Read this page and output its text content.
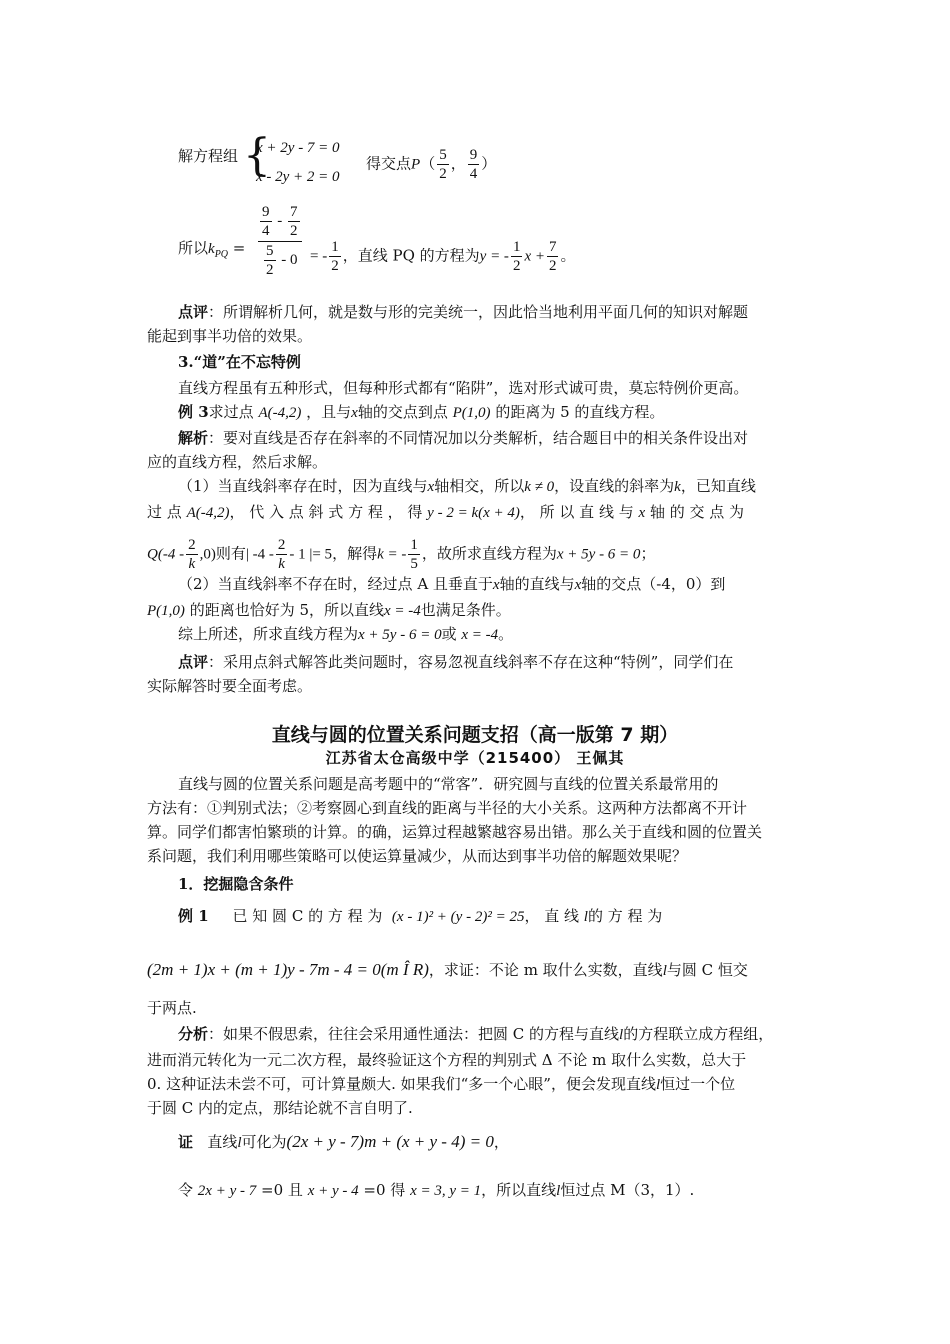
解方程组 {
x + 2y - 7 = 0
x - 2y + 2 = 0
得交点$P( \frac{5}{2}$ ， $\frac{9}{4}$ ）
所以$k_{PQ} = \frac{\frac{9}{4} - \frac{7}{2}}{\frac{5}{2} - 0}$ = - $\frac{1}{2}$ ，直线 PQ 的方程为y = - $\frac{1}{2}$ $x + \frac{7}{2}$ 。
点评：所谓解析几何，就是数与形的完美统一，因此恰当地利用平面几何的知识对解题
能起到事半功倍的效果。
3.“道”在不忘特例
直线方程虽有五种形式，但每种形式都有“陷阱”，选对形式诚可贵，莫忘特例价更高。
例 3求过点 A(-4,2) ，且与x轴的交点到点 P(1,0) 的距离为 5 的直线方程。
解析：要对直线是否存在斜率的不同情况加以分类解析，结合题目中的相关条件设出对
应的直线方程，然后求解。
（1）当直线斜率存在时，因为直线与x轴相交，所以k ≠ 0，设直线的斜率为k，已知直线
过 点 A(-4,2)， 代 入 点 斜 式 方 程 ， 得 y - 2 = k(x + 4)， 所 以 直 线 与 x 轴 的 交 点 为
$Q(-4 - \frac{2}{k} ,0)$则有| $-4 - \frac{2}{k} - 1$ |= 5，解得k = - $\frac{1}{5}$ ，故所求直线方程为x + 5y - 6 = 0；
（2）当直线斜率不存在时，经过点 A 且垂直于x轴的直线与x轴的交点（-4，0）到
P(1,0) 的距离也恰好为 5，所以直线x = -4也满足条件。
综上所述，所求直线方程为x + 5y - 6 = 0或 x = -4。
点评：采用点斜式解答此类问题时，容易忽视直线斜率不存在这种“特例”，同学们在
实际解答时要全面考虑。
直线与圆的位置关系问题支招（高一版第 7 期）
江苏省太仓高级中学（215400） 王佩其
直线与圆的位置关系问题是高考题中的“常客”．研究圆与直线的位置关系最常用的
方法有：①判别式法；②考察圆心到直线的距离与半径的大小关系。这两种方法都离不开计
算。同学们都害怕繁琐的计算。的确，运算过程越繁越容易出错。那么关于直线和圆的位置关
系问题，我们利用哪些策略可以使运算量减少，从而达到事半功倍的解题效果呢？
1．挖掘隐含条件
例 1 已 知 圆 C 的 方 程 为 (x - 1)² + (y - 2)² = 25， 直 线 l的 方 程 为
(2m + 1)x + (m + 1)y - 7m - 4 = 0(m Î R)，求证：不论 m 取什么实数，直线l与圆 C 恒交
于两点.
分析：如果不假思索，往往会采用通性通法：把圆 C 的方程与直线l的方程联立成方程组，
进而消元转化为一元二次方程，最终验证这个方程的判别式 Δ 不论 m 取什么实数，总大于
0. 这种证法未尝不可，可计算量颇大. 如果我们“多一个心眼”，便会发现直线l恒过一个位
于圆 C 内的定点，那结论就不言自明了.
证 直线l可化为(2x + y - 7)m + (x + y - 4) = 0，
令 2x + y - 7 =0 且 x + y - 4 =0 得 x = 3, y = 1，所以直线l恒过点 M（3，1）.
